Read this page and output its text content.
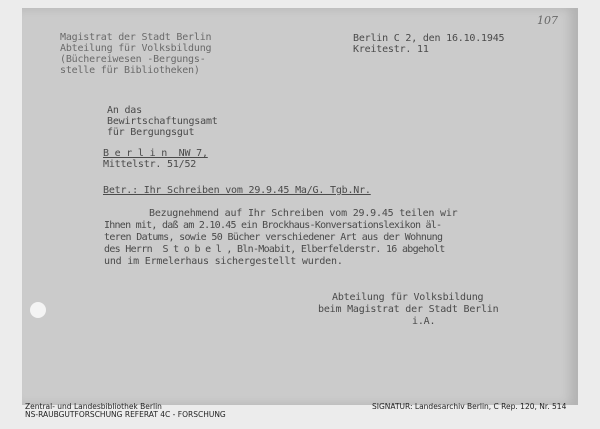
107
Magistrat der Stadt Berlin
Abteilung für Volksbildung
(Büchereiwesen -Bergungs-
stelle für Bibliotheken)
Berlin C 2, den 16.10.1945
Kreitestr. 11
An das
Bewirtschaftungsamt
für Bergungsgut
B e r l i n  NW 7,
Mittelstr. 51/52
Betr.: Ihr Schreiben vom 29.9.45 Ma/G. Tgb.Nr.
Bezugnehmend auf Ihr Schreiben vom 29.9.45 teilen wir
Ihnen mit, daß am 2.10.45 ein Brockhaus-Konversationslexikon äl-
teren Datums, sowie 50 Bücher verschiedener Art aus der Wohnung
des Herrn  S t o b e l , Bln-Moabit, Elberfelderstr. 16 abgeholt
und im Ermelerhaus sichergestellt wurden.
Abteilung für Volksbildung
beim Magistrat der Stadt Berlin
i.A.
Zentral- und Landesbibliothek Berlin
NS-RAUBGUTFORSCHUNG REFERAT 4C - FORSCHUNG
SIGNATUR: Landesarchiv Berlin, C Rep. 120, Nr. 514
